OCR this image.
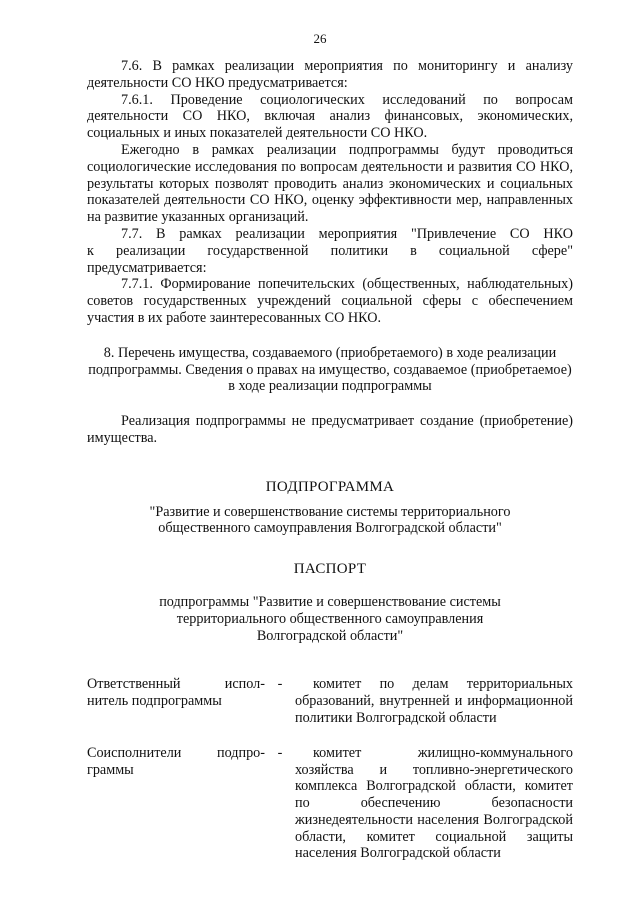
26

7.6. В рамках реализации мероприятия по мониторингу и анализу деятельности СО НКО предусматривается:

7.6.1. Проведение социологических исследований по вопросам деятельности СО НКО, включая анализ финансовых, экономических, социальных и иных показателей деятельности СО НКО.

Ежегодно в рамках реализации подпрограммы будут проводиться социологические исследования по вопросам деятельности и развития СО НКО, результаты которых позволят проводить анализ экономических и социальных показателей деятельности СО НКО, оценку эффективности мер, направленных на развитие указанных организаций.

7.7. В рамках реализации мероприятия "Привлечение СО НКО

к реализации государственной политики в социальной сфере"

предусматривается:

7.7.1. Формирование попечительских (общественных, наблюдательных) советов государственных учреждений социальной сферы с обеспечением участия в их работе заинтересованных СО НКО.

8. Перечень имущества, создаваемого (приобретаемого) в ходе реализации

подпрограммы. Сведения о правах на имущество, создаваемое (приобретаемое)

в ходе реализации подпрограммы

Реализация подпрограммы не предусматривает создание (приобретение) имущества.

ПОДПРОГРАММА

"Развитие и совершенствование системы территориального

общественного самоуправления Волгоградской области"

ПАСПОРТ

подпрограммы "Развитие и совершенствование системы

территориального общественного самоуправления

Волгоградской области"

Ответственный испол- нитель подпрограммы
-	комитет по делам территориальных образований, внутренней и информационной политики Волгоградской области
Соисполнители подпро- граммы
-	комитет жилищно-коммунального хозяйства и топливно-энергетического комплекса Волгоградской области, комитет по обеспечению безопасности жизнедеятельности населения Волгоградской области, комитет социальной защиты населения Волгоградской области
